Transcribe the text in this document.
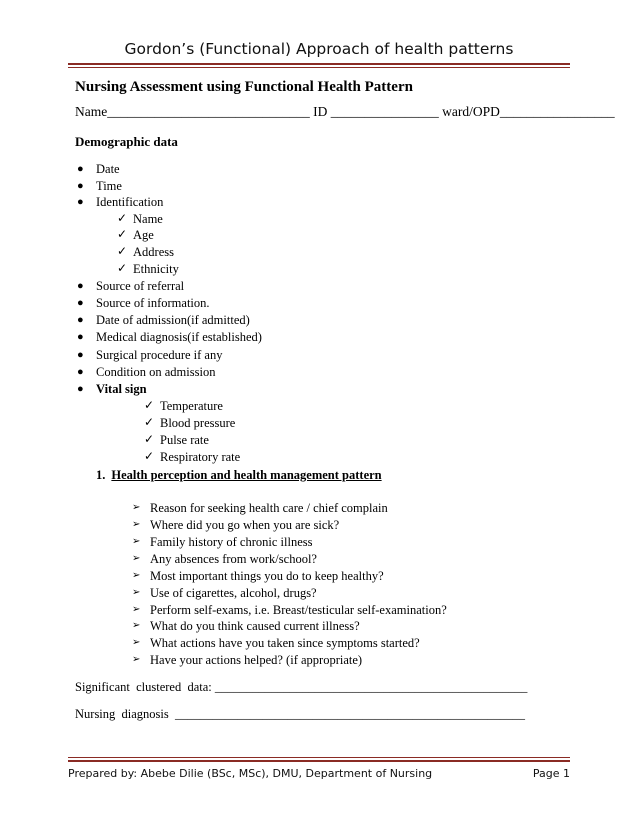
Gordon’s (Functional) Approach of health patterns
Nursing Assessment using Functional Health Pattern
Name______________________________ ID ________________ ward/OPD_________________
Demographic data
● Date
● Time
● Identification
✓ Name
✓ Age
✓ Address
✓ Ethnicity
● Source of referral
● Source of information.
● Date of admission(if admitted)
● Medical diagnosis(if established)
● Surgical procedure if any
● Condition on admission
● Vital sign
✓ Temperature
✓ Blood pressure
✓ Pulse rate
✓ Respiratory rate
1. Health perception and health management pattern
➢ Reason for seeking health care / chief complain
➢ Where did you go when you are sick?
➢ Family history of chronic illness
➢ Any absences from work/school?
➢ Most important things you do to keep healthy?
➢ Use of cigarettes, alcohol, drugs?
➢ Perform self-exams, i.e. Breast/testicular self-examination?
➢ What do you think caused current illness?
➢ What actions have you taken since symptoms started?
➢ Have your actions helped? (if appropriate)
Significant  clustered  data: __________________________________________________
Nursing  diagnosis  ________________________________________________________
Prepared by: Abebe Dilie (BSc, MSc), DMU, Department of Nursing	Page 1
